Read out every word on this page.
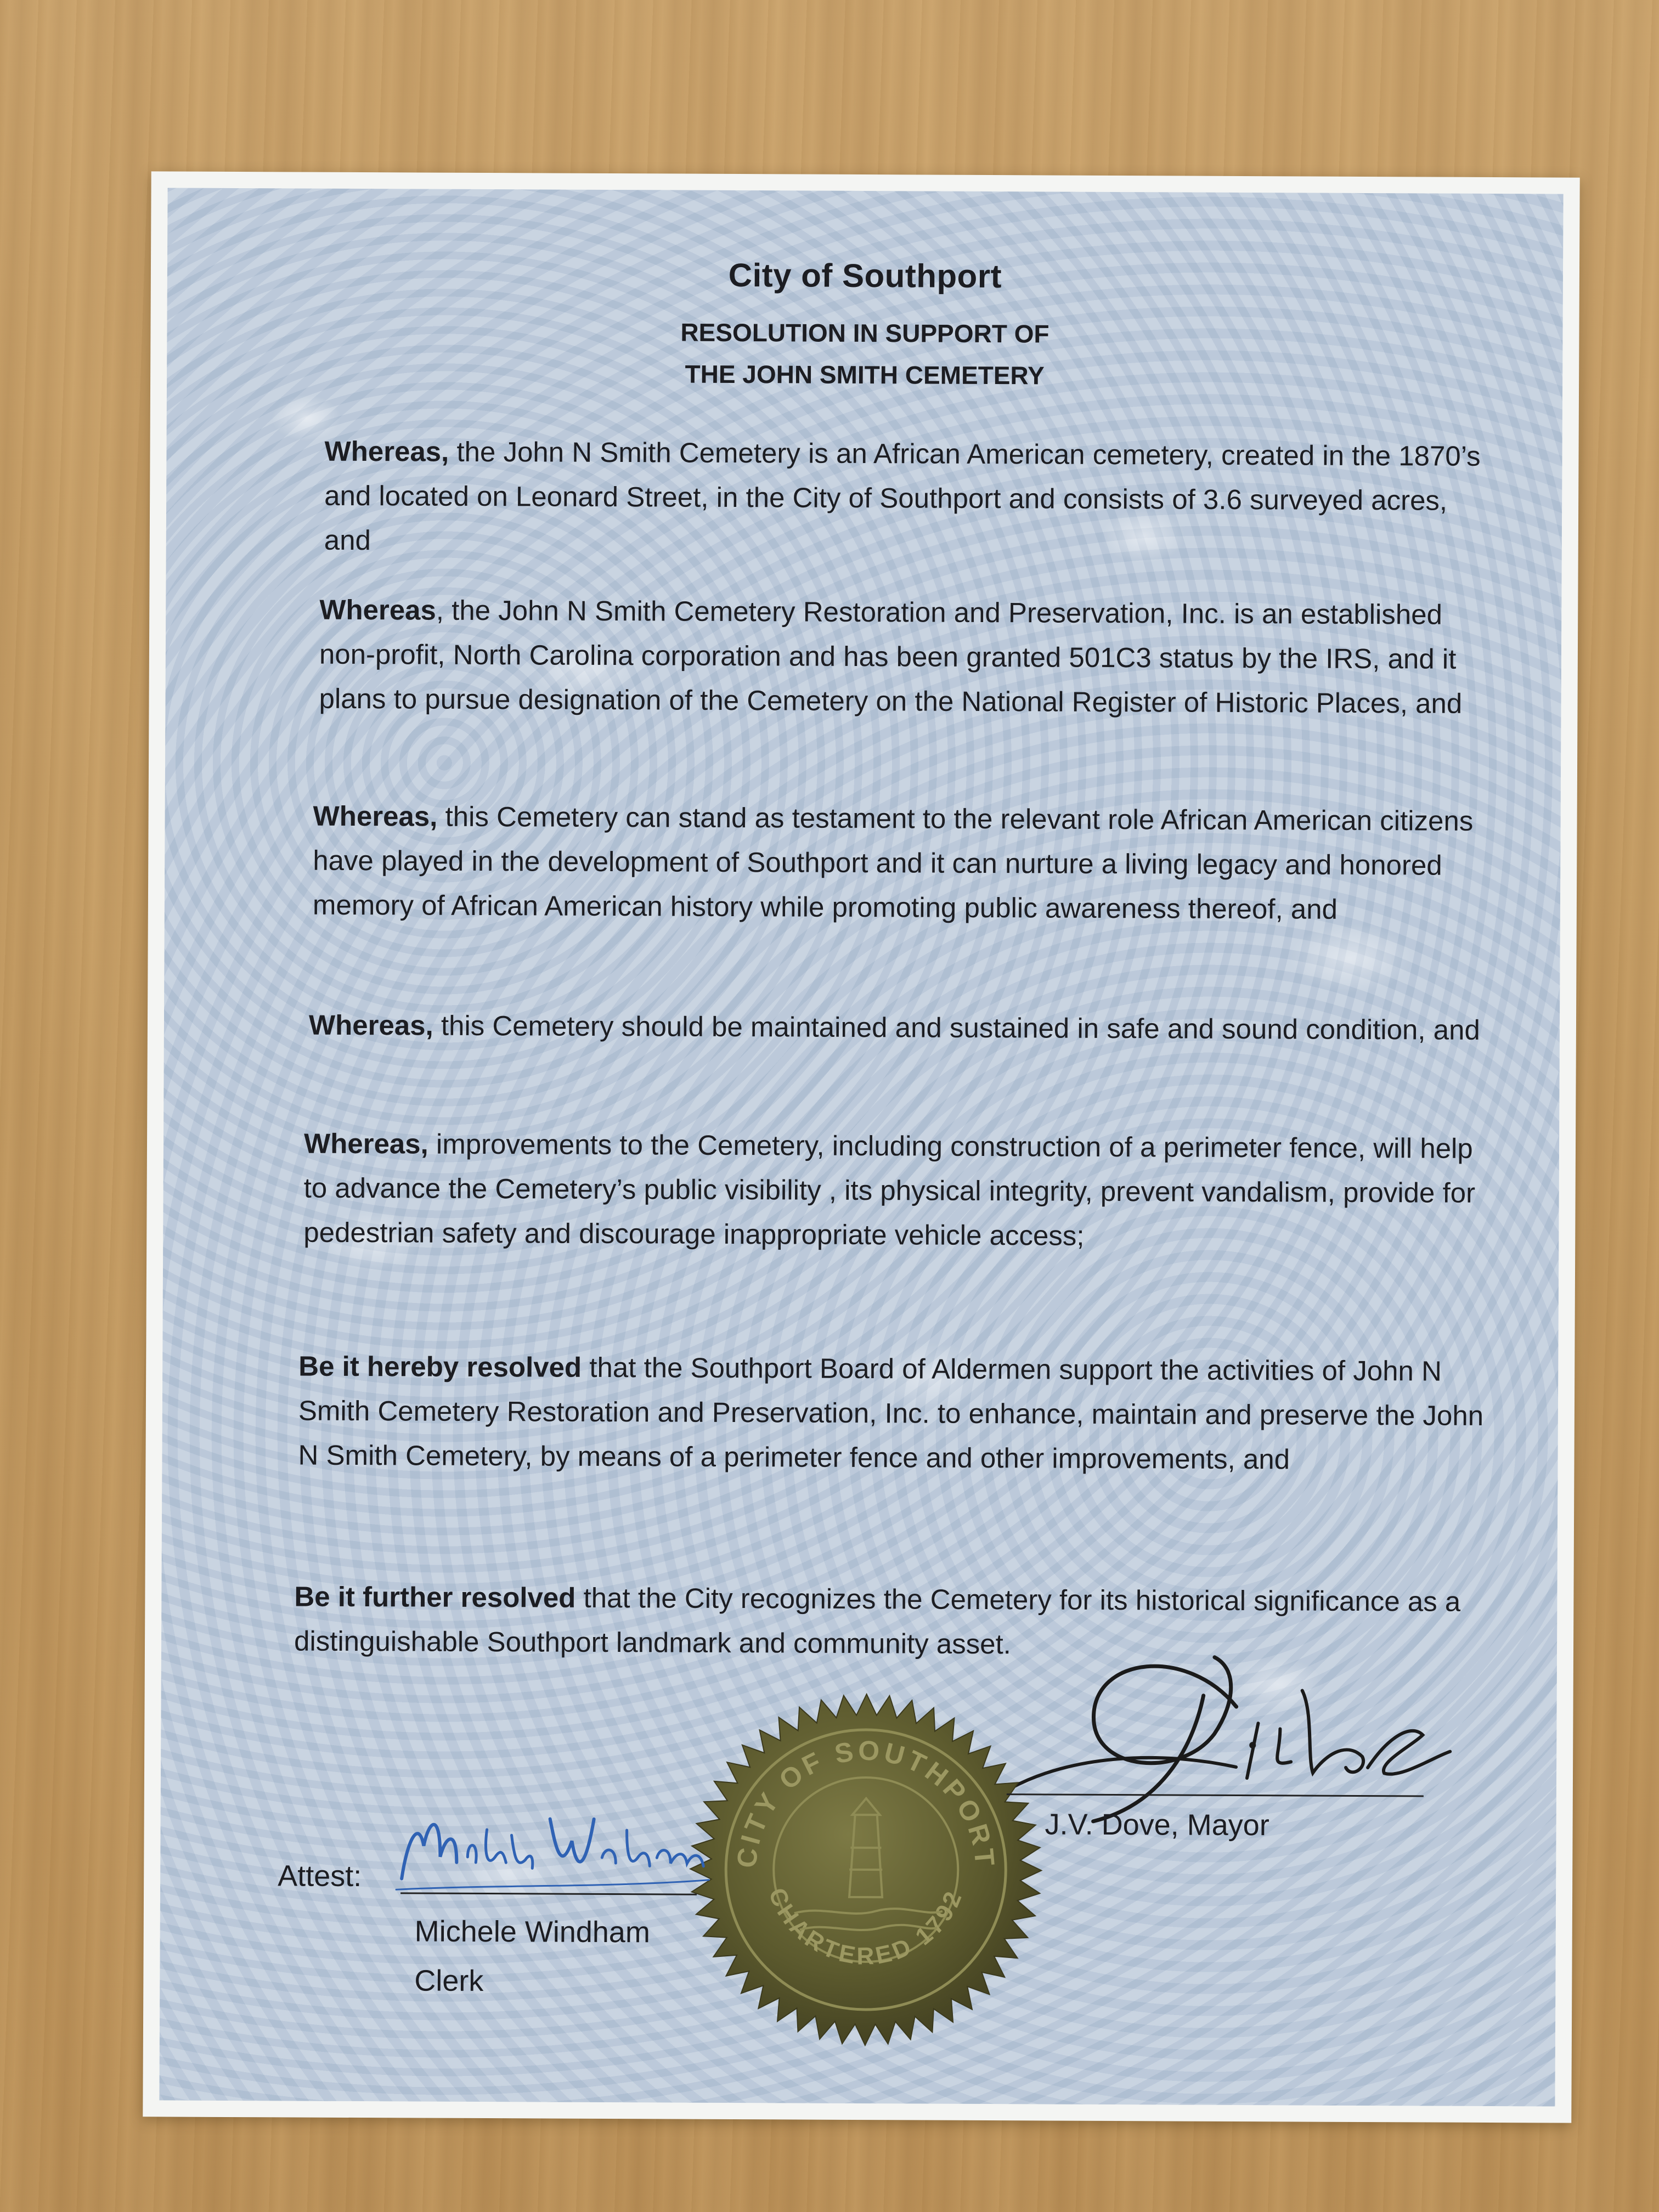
City of Southport
RESOLUTION IN SUPPORT OF
THE JOHN SMITH CEMETERY
Whereas, the John N Smith Cemetery is an African American cemetery, created in the 1870’s and located on Leonard Street, in the City of Southport and consists of 3.6 surveyed acres, and
Whereas, the John N Smith Cemetery Restoration and Preservation, Inc. is an established non-profit, North Carolina corporation and has been granted 501C3 status by the IRS, and it plans to pursue designation of the Cemetery on the National Register of Historic Places, and
Whereas, this Cemetery can stand as testament to the relevant role African American citizens have played in the development of Southport and it can nurture a living legacy and honored memory of African American history while promoting public awareness thereof, and
Whereas, this Cemetery should be maintained and sustained in safe and sound condition, and
Whereas, improvements to the Cemetery, including construction of a perimeter fence, will help to advance the Cemetery’s public visibility , its physical integrity, prevent vandalism, provide for pedestrian safety and discourage inappropriate vehicle access;
Be it hereby resolved that the Southport Board of Aldermen support the activities of John N Smith Cemetery Restoration and Preservation, Inc. to enhance, maintain and preserve the John N Smith Cemetery, by means of a perimeter fence and other improvements, and
Be it further resolved that the City recognizes the Cemetery for its historical significance as a distinguishable Southport landmark and community asset.
CITY OF SOUTHPORT
CHARTERED 1792
J.V. Dove, Mayor
Attest:
Michele Windham
Clerk
